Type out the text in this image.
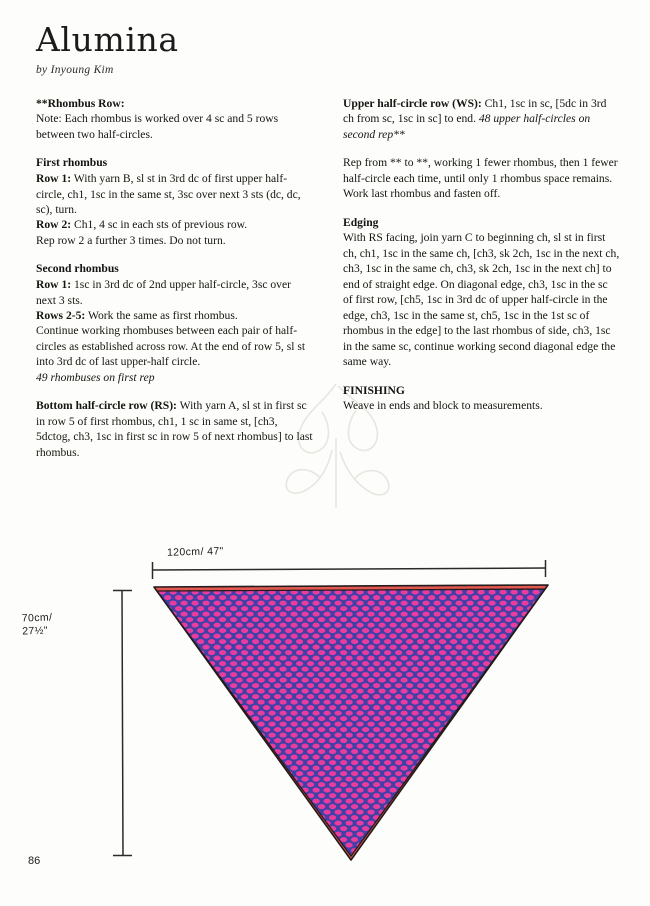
Alumina
by Inyoung Kim

**Rhombus Row:

Note: Each rhombus is worked over 4 sc and 5 rows between two half-circles.

First rhombus

Row 1: With yarn B, sl st in 3rd dc of first upper half-circle, ch1, 1sc in the same st, 3sc over next 3 sts (dc, dc, sc), turn.

Row 2: Ch1, 4 sc in each sts of previous row.

Rep row 2 a further 3 times. Do not turn.

Second rhombus

Row 1: 1sc in 3rd dc of 2nd upper half-circle, 3sc over next 3 sts.

Rows 2-5: Work the same as first rhombus.

Continue working rhombuses between each pair of half-circles as established across row. At the end of row 5, sl st into 3rd dc of last upper-half circle.

49 rhombuses on first rep

Bottom half-circle row (RS): With yarn A, sl st in first sc in row 5 of first rhombus, ch1, 1 sc in same st, [ch3, 5dctog, ch3, 1sc in first sc in row 5 of next rhombus] to last rhombus.

Upper half-circle row (WS): Ch1, 1sc in sc, [5dc in 3rd ch from sc, 1sc in sc] to end. 48 upper half-circles on second rep**

Rep from ** to **, working 1 fewer rhombus, then 1 fewer half-circle each time, until only 1 rhombus space remains. Work last rhombus and fasten off.

Edging

With RS facing, join yarn C to beginning ch, sl st in first ch, ch1, 1sc in the same ch, [ch3, sk 2ch, 1sc in the next ch, ch3, 1sc in the same ch, ch3, sk 2ch, 1sc in the next ch] to end of straight edge. On diagonal edge, ch3, 1sc in the sc of first row, [ch5, 1sc in 3rd dc of upper half-circle in the edge, ch3, 1sc in the same st, ch5, 1sc in the 1st sc of rhombus in the edge] to the last rhombus of side, ch3, 1sc in the same sc, continue working second diagonal edge the same way.

FINISHING

Weave in ends and block to measurements.

120cm/ 47"
70cm/
27½"
86
